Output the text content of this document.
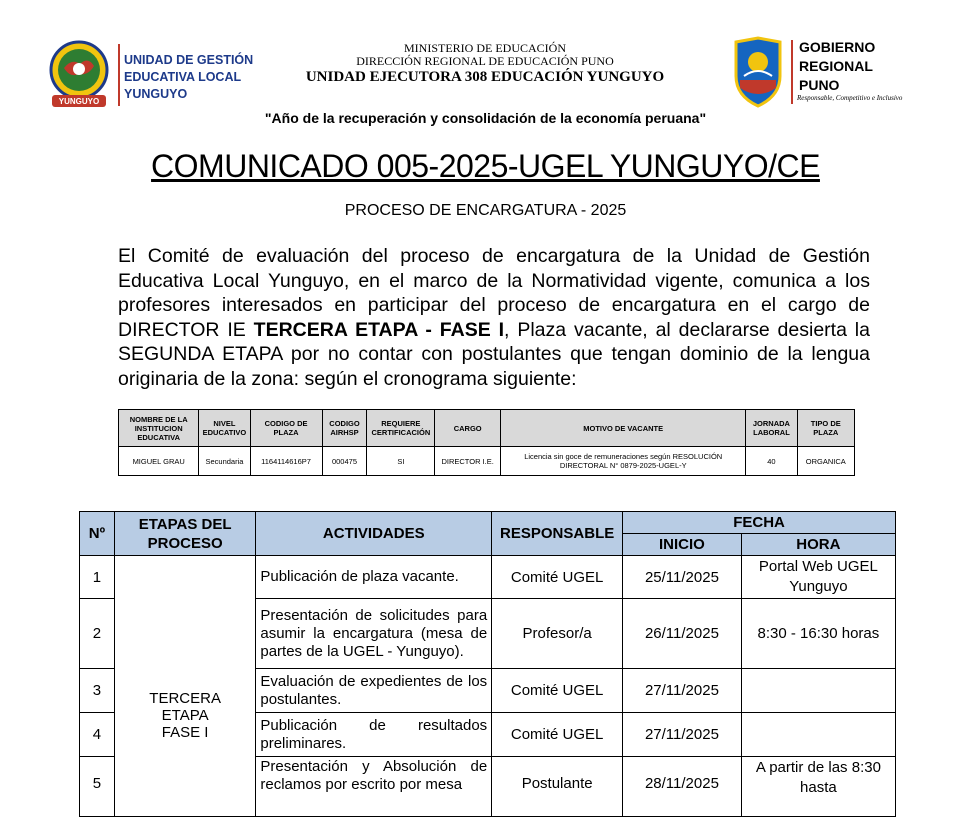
YUNGUYO
UNIDAD DE GESTIÓN
EDUCATIVA LOCAL
YUNGUYO
MINISTERIO DE EDUCACIÓN
DIRECCIÓN REGIONAL DE EDUCACIÓN PUNO
UNIDAD EJECUTORA 308 EDUCACIÓN YUNGUYO
GOBIERNO
REGIONAL
PUNO
Responsable, Competitivo e Inclusivo
"Año de la recuperación y consolidación de la economía peruana"
COMUNICADO 005-2025-UGEL YUNGUYO/CE
PROCESO DE ENCARGATURA - 2025
El Comité de evaluación del proceso de encargatura de la Unidad de Gestión Educativa Local Yunguyo, en el marco de la Normatividad vigente, comunica a los profesores interesados en participar del proceso de encargatura en el cargo de DIRECTOR IE TERCERA ETAPA - FASE I, Plaza vacante, al declararse desierta la SEGUNDA ETAPA por no contar con postulantes que tengan dominio de la lengua originaria de la zona: según el cronograma siguiente:
NOMBRE DE LA INSTITUCION EDUCATIVA	NIVEL EDUCATIVO	CODIGO DE PLAZA	CODIGO AIRHSP	REQUIERE CERTIFICACIÓN	CARGO	MOTIVO DE VACANTE	JORNADA LABORAL	TIPO DE PLAZA
MIGUEL GRAU	Secundaria	1164114616P7	000475	SI	DIRECTOR I.E.	Licencia sin goce de remuneraciones según RESOLUCIÓN DIRECTORAL N° 0879-2025-UGEL-Y	40	ORGANICA
Nº	ETAPAS DEL PROCESO	ACTIVIDADES	RESPONSABLE	FECHA	
				INICIO	HORA
1	TERCERA
ETAPA
FASE I	Publicación de plaza vacante.	Comité UGEL	25/11/2025	Portal Web UGEL Yunguyo
2		Presentación de solicitudes para asumir la encargatura (mesa de partes de la UGEL - Yunguyo).	Profesor/a	26/11/2025	8:30 - 16:30 horas
3		Evaluación de expedientes de los postulantes.	Comité UGEL	27/11/2025	
4		Publicación de resultados preliminares.	Comité UGEL	27/11/2025	
5		Presentación y Absolución de reclamos por escrito por mesa	Postulante	28/11/2025	A partir de las 8:30 hasta
